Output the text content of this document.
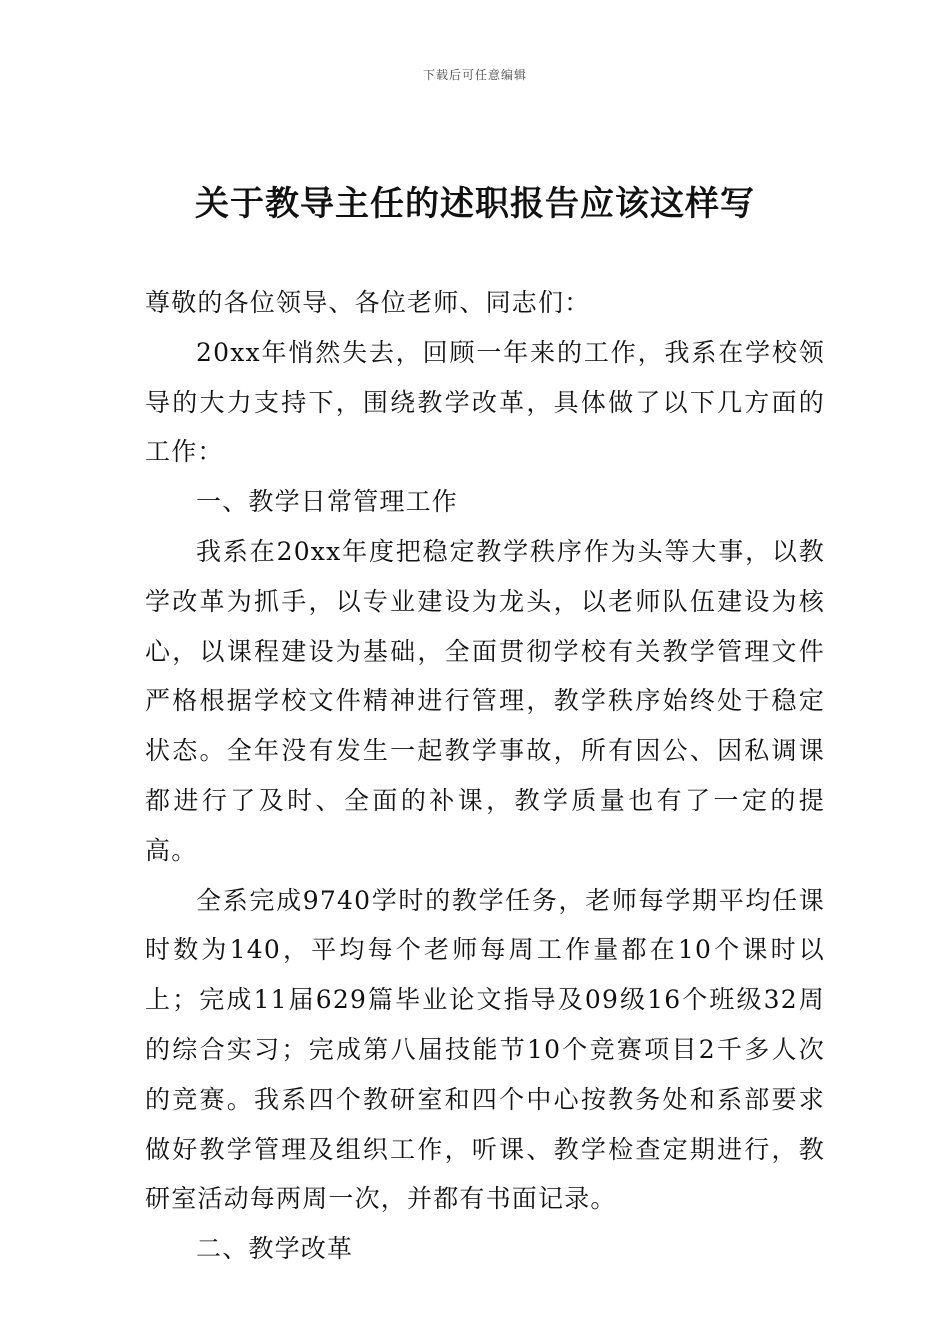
下载后可任意编辑
关于教导主任的述职报告应该这样写

尊敬的各位领导、各位老师、同志们：

20xx年悄然失去，回顾一年来的工作，我系在学校领导的大力支持下，围绕教学改革，具体做了以下几方面的工作：

一、教学日常管理工作

我系在20xx年度把稳定教学秩序作为头等大事，以教学改革为抓手，以专业建设为龙头，以老师队伍建设为核心，以课程建设为基础，全面贯彻学校有关教学管理文件严格根据学校文件精神进行管理，教学秩序始终处于稳定状态。全年没有发生一起教学事故，所有因公、因私调课都进行了及时、全面的补课，教学质量也有了一定的提高。

全系完成9740学时的教学任务，老师每学期平均任课时数为140，平均每个老师每周工作量都在10个课时以上；完成11届629篇毕业论文指导及09级16个班级32周的综合实习；完成第八届技能节10个竞赛项目2千多人次的竞赛。我系四个教研室和四个中心按教务处和系部要求做好教学管理及组织工作，听课、教学检查定期进行，教研室活动每两周一次，并都有书面记录。

二、教学改革
